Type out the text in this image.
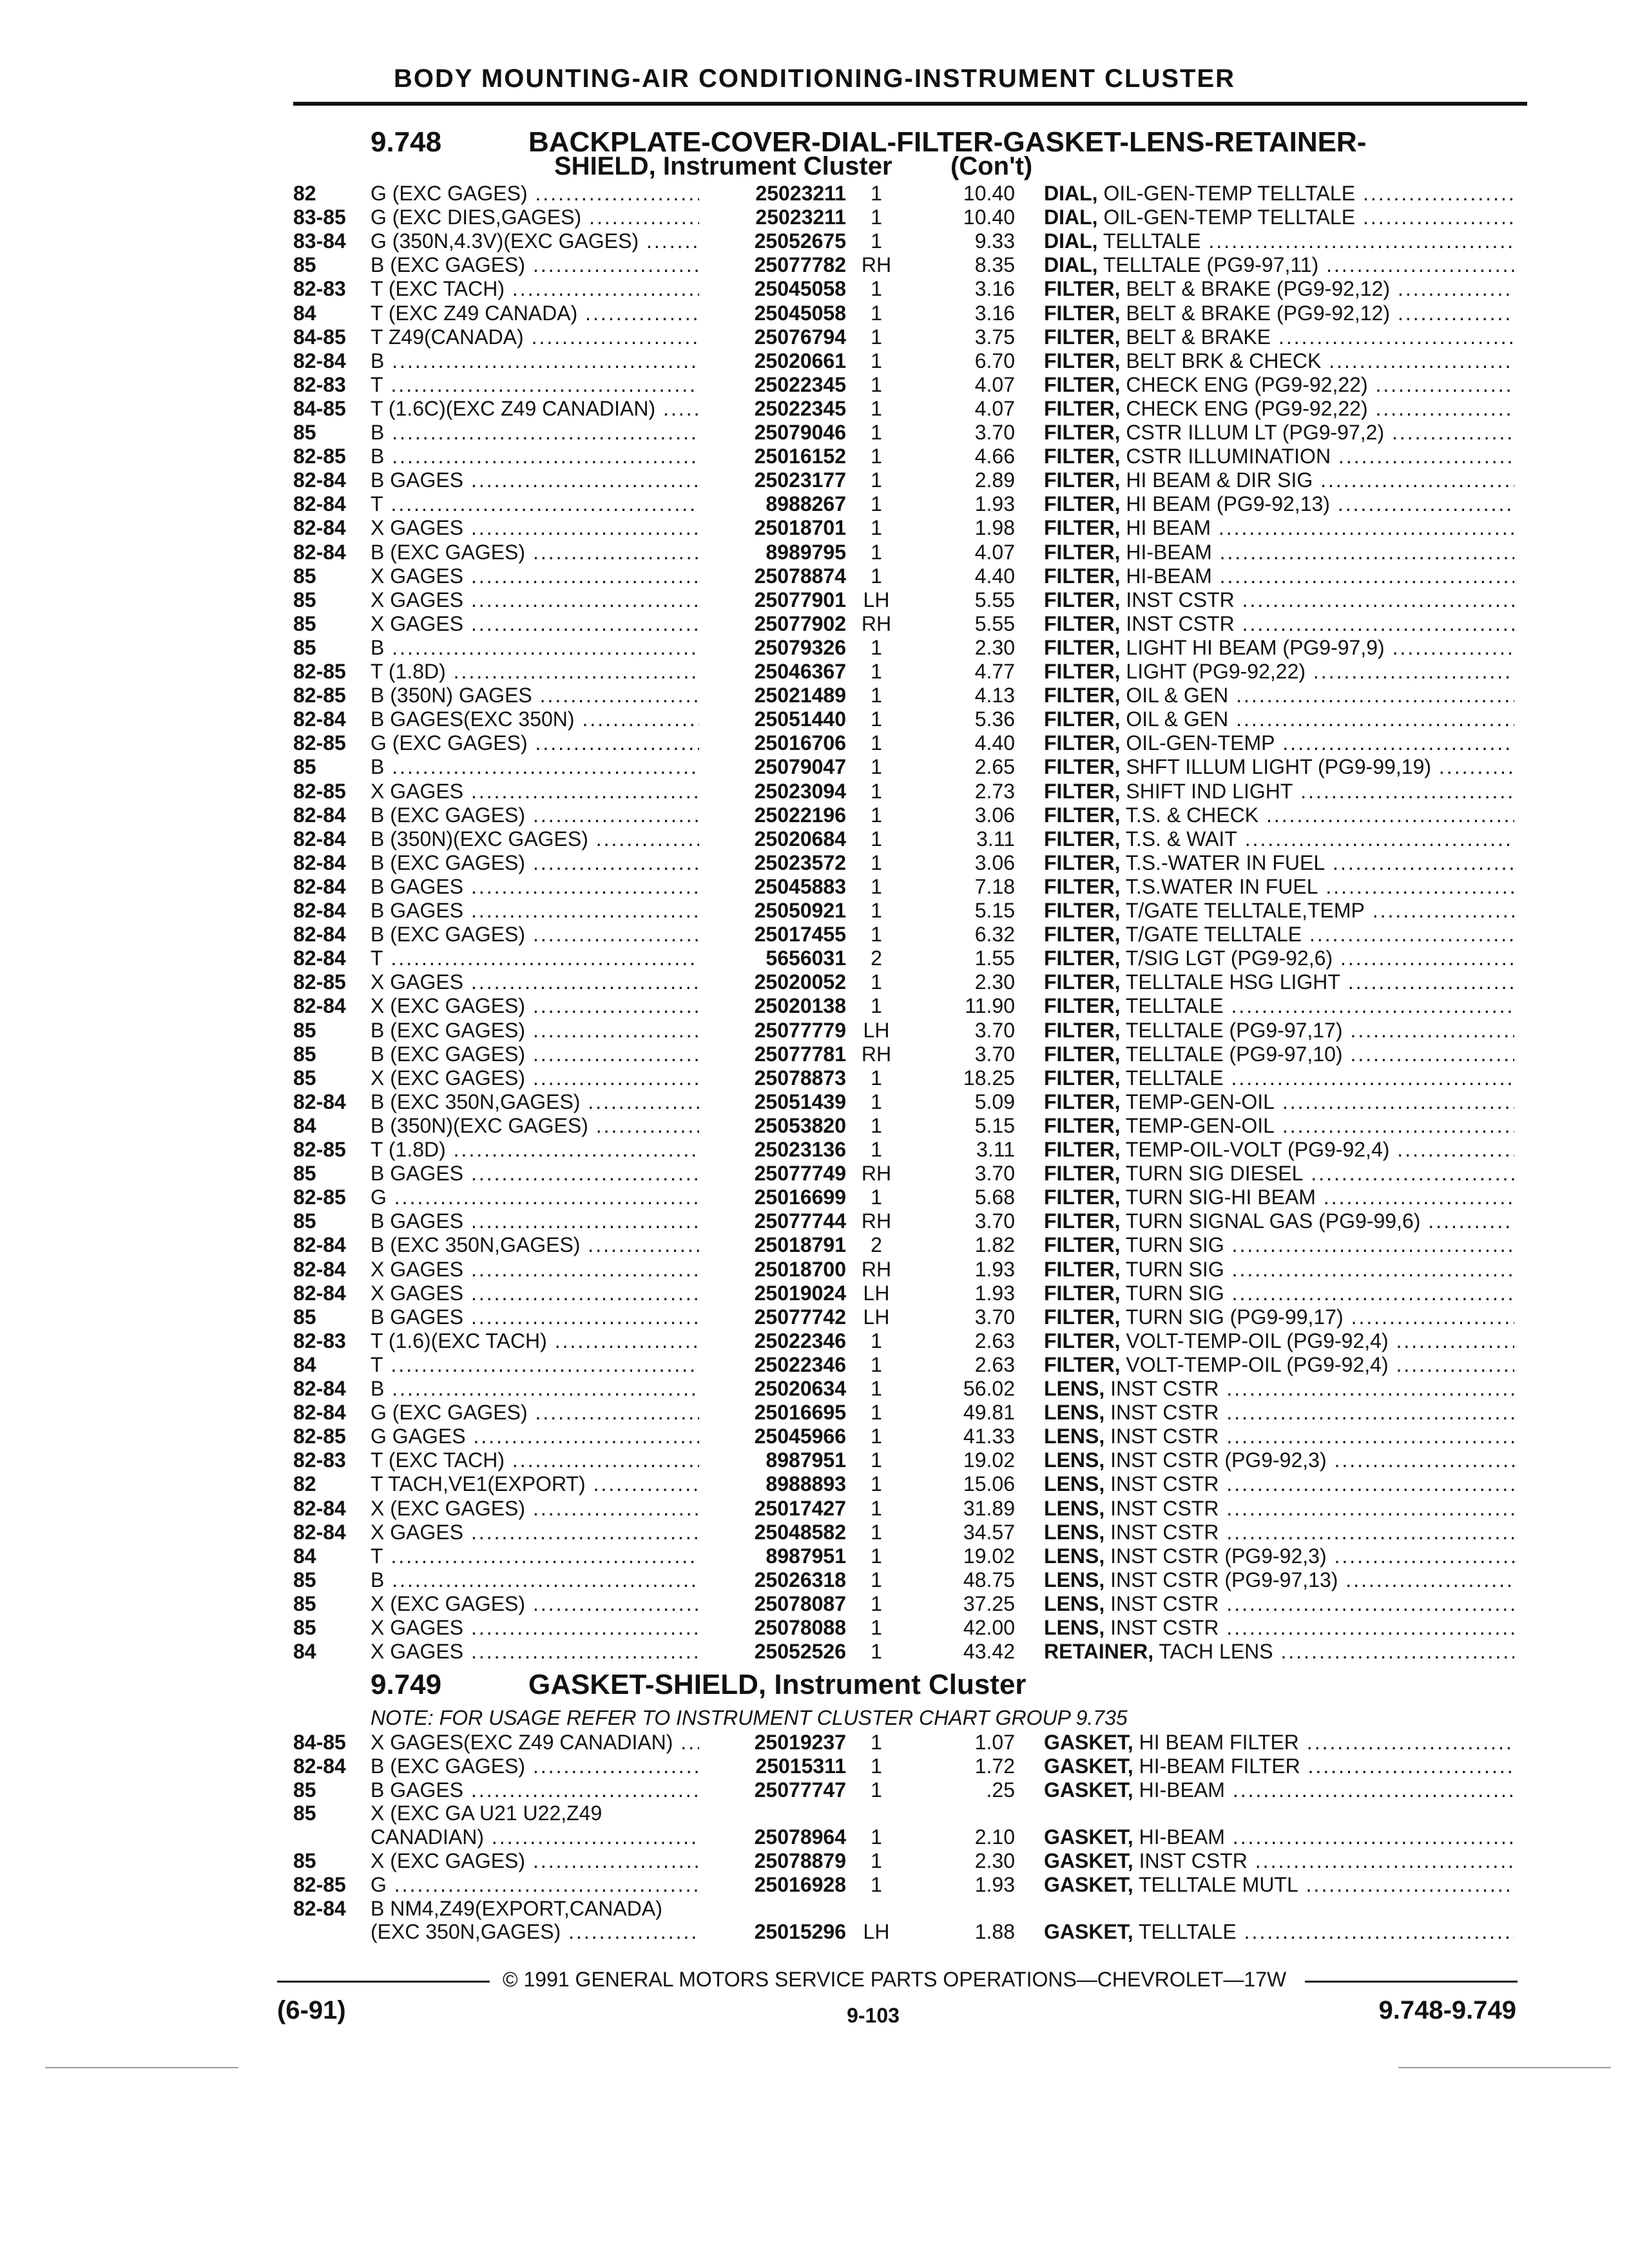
BODY MOUNTING-AIR CONDITIONING-INSTRUMENT CLUSTER
9.748	BACKPLATE-COVER-DIAL-FILTER-GASKET-LENS-RETAINER-
SHIELD, Instrument Cluster (Con't)
82	G (EXC GAGES) .....	25023211	1	10.40 DIAL, OIL-GEN-TEMP TELLTALE .....
83-85 G (EXC DIES,GAGES) .....	25023211	1	10.40 DIAL, OIL-GEN-TEMP TELLTALE .....
83-84 G (350N,4.3V)(EXC GAGES) .....	25052675	1	9.33 DIAL, TELLTALE .....
85	B (EXC GAGES) .....	25077782 RH	8.35 DIAL, TELLTALE (PG9-97,11) .....
82-83 T (EXC TACH) .....	25045058	1	3.16 FILTER, BELT & BRAKE (PG9-92,12) .....
84	T (EXC Z49 CANADA) .....	25045058	1	3.16 FILTER, BELT & BRAKE (PG9-92,12) .....
84-85 T Z49(CANADA) .....	25076794	1	3.75 FILTER, BELT & BRAKE .....
82-84 B .....	25020661	1	6.70 FILTER, BELT BRK & CHECK .....
82-83 T .....	25022345	1	4.07 FILTER, CHECK ENG (PG9-92,22) .....
84-85 T (1.6C)(EXC Z49 CANADIAN) .....	25022345	1	4.07 FILTER, CHECK ENG (PG9-92,22) .....
85	B .....	25079046	1	3.70 FILTER, CSTR ILLUM LT (PG9-97,2) .....
82-85 B .....	25016152	1	4.66 FILTER, CSTR ILLUMINATION .....
82-84 B GAGES .....	25023177	1	2.89 FILTER, HI BEAM & DIR SIG .....
82-84 T .....	8988267	1	1.93 FILTER, HI BEAM (PG9-92,13) .....
82-84 X GAGES .....	25018701	1	1.98 FILTER, HI BEAM .....
82-84 B (EXC GAGES) .....	8989795	1	4.07 FILTER, HI-BEAM .....
85	X GAGES .....	25078874	1	4.40 FILTER, HI-BEAM .....
85	X GAGES .....	25077901 LH	5.55 FILTER, INST CSTR .....
85	X GAGES .....	25077902 RH	5.55 FILTER, INST CSTR .....
85	B .....	25079326	1	2.30 FILTER, LIGHT HI BEAM (PG9-97,9) .....
82-85 T (1.8D) .....	25046367	1	4.77 FILTER, LIGHT (PG9-92,22) .....
82-85 B (350N) GAGES .....	25021489	1	4.13 FILTER, OIL & GEN .....
82-84 B GAGES(EXC 350N) .....	25051440	1	5.36 FILTER, OIL & GEN .....
82-85 G (EXC GAGES) .....	25016706	1	4.40 FILTER, OIL-GEN-TEMP .....
85	B .....	25079047	1	2.65 FILTER, SHFT ILLUM LIGHT (PG9-99,19) .....
82-85 X GAGES .....	25023094	1	2.73 FILTER, SHIFT IND LIGHT .....
82-84 B (EXC GAGES) .....	25022196	1	3.06 FILTER, T.S. & CHECK .....
82-84 B (350N)(EXC GAGES) .....	25020684	1	3.11 FILTER, T.S. & WAIT .....
82-84 B (EXC GAGES) .....	25023572	1	3.06 FILTER, T.S.-WATER IN FUEL .....
82-84 B GAGES .....	25045883	1	7.18 FILTER, T.S.WATER IN FUEL .....
82-84 B GAGES .....	25050921	1	5.15 FILTER, T/GATE TELLTALE,TEMP .....
82-84 B (EXC GAGES) .....	25017455	1	6.32 FILTER, T/GATE TELLTALE .....
82-84 T .....	5656031	2	1.55 FILTER, T/SIG LGT (PG9-92,6) .....
82-85 X GAGES .....	25020052	1	2.30 FILTER, TELLTALE HSG LIGHT .....
82-84 X (EXC GAGES) .....	25020138	1	11.90 FILTER, TELLTALE .....
85	B (EXC GAGES) .....	25077779 LH	3.70 FILTER, TELLTALE (PG9-97,17) .....
85	B (EXC GAGES) .....	25077781 RH	3.70 FILTER, TELLTALE (PG9-97,10) .....
85	X (EXC GAGES) .....	25078873	1	18.25 FILTER, TELLTALE .....
82-84 B (EXC 350N,GAGES) .....	25051439	1	5.09 FILTER, TEMP-GEN-OIL .....
84	B (350N)(EXC GAGES) .....	25053820	1	5.15 FILTER, TEMP-GEN-OIL .....
82-85 T (1.8D) .....	25023136	1	3.11 FILTER, TEMP-OIL-VOLT (PG9-92,4) .....
85	B GAGES .....	25077749 RH	3.70 FILTER, TURN SIG DIESEL .....
82-85 G .....	25016699	1	5.68 FILTER, TURN SIG-HI BEAM .....
85	B GAGES .....	25077744 RH	3.70 FILTER, TURN SIGNAL GAS (PG9-99,6) .....
82-84 B (EXC 350N,GAGES) .....	25018791	2	1.82 FILTER, TURN SIG .....
82-84 X GAGES .....	25018700 RH	1.93 FILTER, TURN SIG .....
82-84 X GAGES .....	25019024 LH	1.93 FILTER, TURN SIG .....
85	B GAGES .....	25077742 LH	3.70 FILTER, TURN SIG (PG9-99,17) .....
82-83 T (1.6)(EXC TACH) .....	25022346	1	2.63 FILTER, VOLT-TEMP-OIL (PG9-92,4) .....
84	T .....	25022346	1	2.63 FILTER, VOLT-TEMP-OIL (PG9-92,4) .....
82-84 B .....	25020634	1	56.02 LENS, INST CSTR .....
82-84 G (EXC GAGES) .....	25016695	1	49.81 LENS, INST CSTR .....
82-85 G GAGES .....	25045966	1	41.33 LENS, INST CSTR .....
82-83 T (EXC TACH) .....	8987951	1	19.02 LENS, INST CSTR (PG9-92,3) .....
82	T TACH,VE1(EXPORT) .....	8988893	1	15.06 LENS, INST CSTR .....
82-84 X (EXC GAGES) .....	25017427	1	31.89 LENS, INST CSTR .....
82-84 X GAGES .....	25048582	1	34.57 LENS, INST CSTR .....
84	T .....	8987951	1	19.02 LENS, INST CSTR (PG9-92,3) .....
85	B .....	25026318	1	48.75 LENS, INST CSTR (PG9-97,13) .....
85	X (EXC GAGES) .....	25078087	1	37.25 LENS, INST CSTR .....
85	X GAGES .....	25078088	1	42.00 LENS, INST CSTR .....
84	X GAGES .....	25052526	1	43.42 RETAINER, TACH LENS .....
9.749	GASKET-SHIELD, Instrument Cluster
NOTE: FOR USAGE REFER TO INSTRUMENT CLUSTER CHART GROUP 9.735
84-85 X GAGES(EXC Z49 CANADIAN) .....	25019237	1	1.07 GASKET, HI BEAM FILTER .....
82-84 B (EXC GAGES) .....	25015311	1	1.72 GASKET, HI-BEAM FILTER .....
85	B GAGES .....	25077747	1	.25 GASKET, HI-BEAM .....
85	X (EXC GA U21 U22,Z49
CANADIAN) .....	25078964	1	2.10 GASKET, HI-BEAM .....
85	X (EXC GAGES) .....	25078879	1	2.30 GASKET, INST CSTR .....
82-85 G .....	25016928	1	1.93 GASKET, TELLTALE MUTL .....
82-84 B NM4,Z49(EXPORT,CANADA)
(EXC 350N,GAGES) .....	25015296 LH	1.88 GASKET, TELLTALE .....
© 1991 GENERAL MOTORS SERVICE PARTS OPERATIONS—CHEVROLET—17W
(6-91)	9-103	9.748-9.749
